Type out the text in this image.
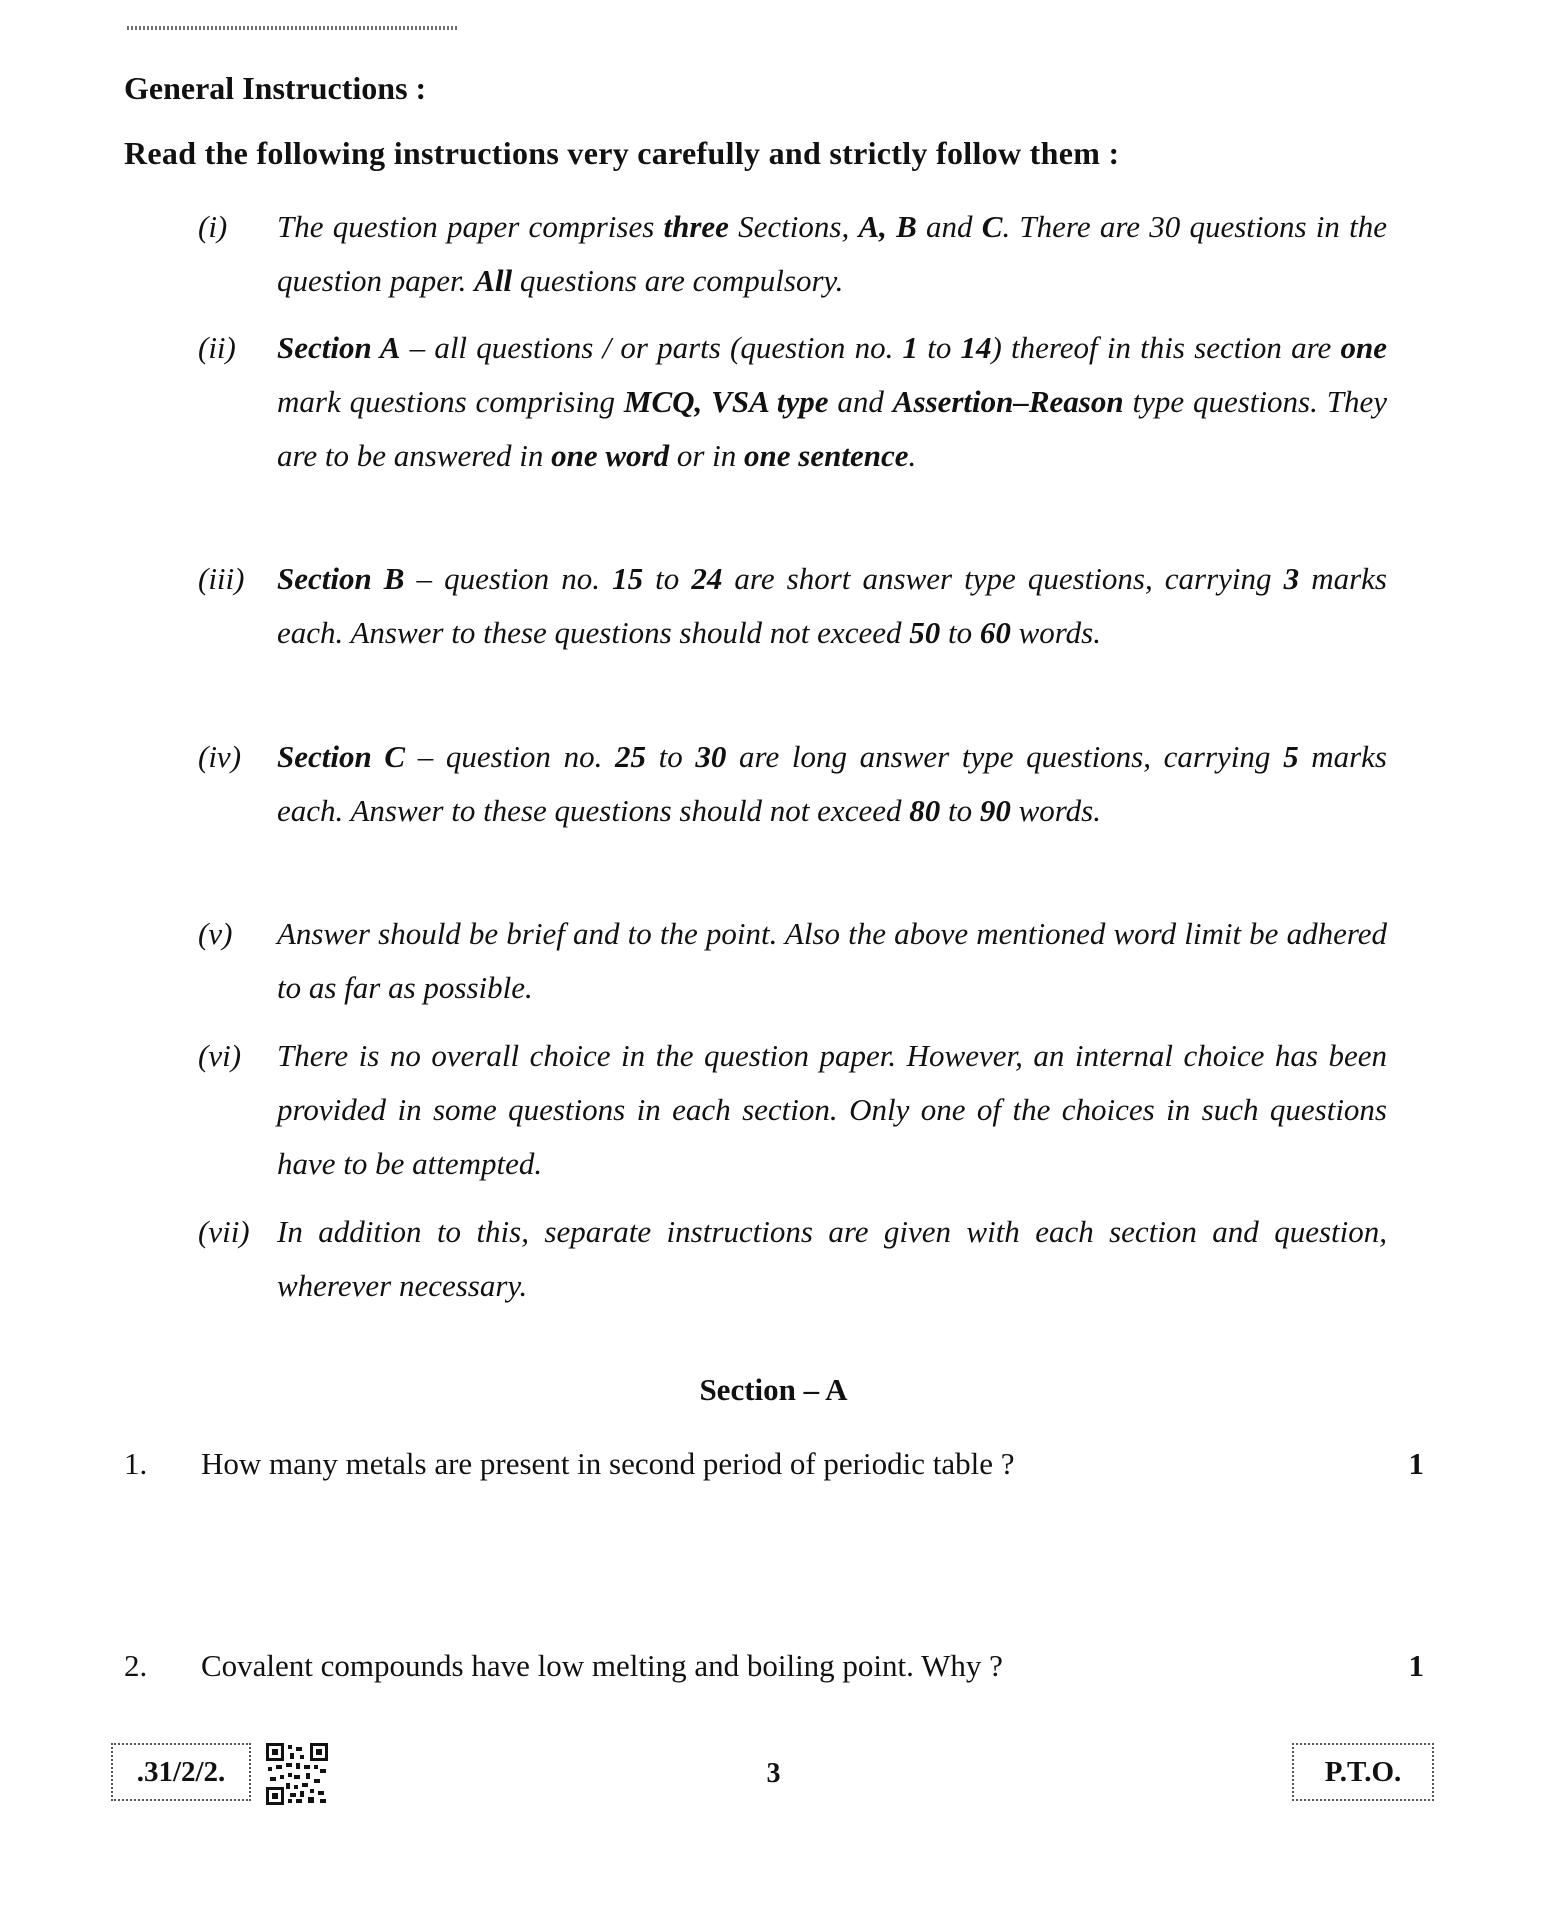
General Instructions :
Read the following instructions very carefully and strictly follow them :
(i) The question paper comprises three Sections, A, B and C. There are 30 questions in the question paper. All questions are compulsory.
(ii) Section A – all questions / or parts (question no. 1 to 14) thereof in this section are one mark questions comprising MCQ, VSA type and Assertion–Reason type questions. They are to be answered in one word or in one sentence.
(iii) Section B – question no. 15 to 24 are short answer type questions, carrying 3 marks each. Answer to these questions should not exceed 50 to 60 words.
(iv) Section C – question no. 25 to 30 are long answer type questions, carrying 5 marks each. Answer to these questions should not exceed 80 to 90 words.
(v) Answer should be brief and to the point. Also the above mentioned word limit be adhered to as far as possible.
(vi) There is no overall choice in the question paper. However, an internal choice has been provided in some questions in each section. Only one of the choices in such questions have to be attempted.
(vii) In addition to this, separate instructions are given with each section and question, wherever necessary.
Section – A
1. How many metals are present in second period of periodic table ?	1
2. Covalent compounds have low melting and boiling point. Why ?	1
.31/2/2.	3	P.T.O.
